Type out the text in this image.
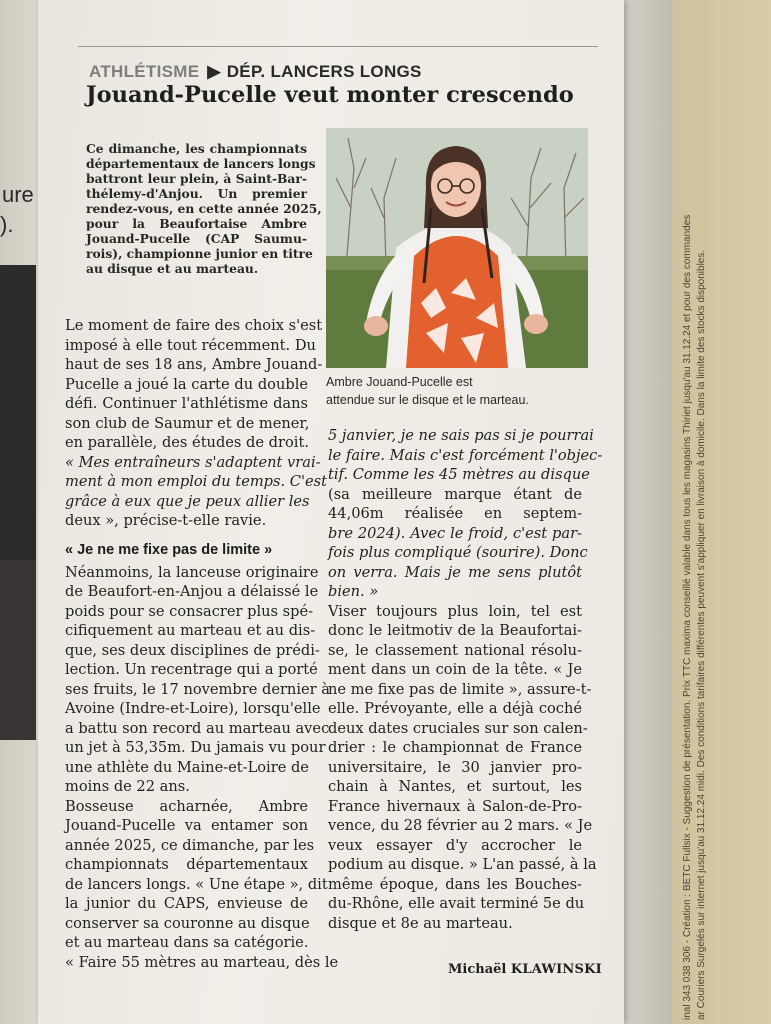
ure
).	inal 343 038 306 - Création : BETC Fullsix - Suggestion de présentation. Prix TTC maxima conseillé valable dans tous les magasins Thiriet jusqu'au 31.12.24 et pour des commandes ar Couriers Surgelés sur internet jusqu'au 31.12.24 midi. Des conditions tarifaires différentes peuvent s'appliquer en livraison à domicile. Dans la limite des stocks disponibles.
ATHLÉTISME ▶ DÉP. LANCERS LONGS
Jouand-Pucelle veut monter crescendo
Ce dimanche, les championnats
départementaux de lancers longs
battront leur plein, à Saint-Bar-
thélemy-d'Anjou. Un premier
rendez-vous, en cette année 2025,
pour la Beaufortaise Ambre
Jouand-Pucelle (CAP Saumu-
rois), championne junior en titre
au disque et au marteau.
Ambre Jouand-Pucelle est
attendue sur le disque et le marteau.
Le moment de faire des choix s'est
imposé à elle tout récemment. Du
haut de ses 18 ans, Ambre Jouand-
Pucelle a joué la carte du double
défi. Continuer l'athlétisme dans
son club de Saumur et de mener,
en parallèle, des études de droit.
« Mes entraîneurs s'adaptent vrai-
ment à mon emploi du temps. C'est
grâce à eux que je peux allier les
deux », précise-t-elle ravie.
« Je ne me fixe pas de limite »
Néanmoins, la lanceuse originaire
de Beaufort-en-Anjou a délaissé le
poids pour se consacrer plus spé-
cifiquement au marteau et au dis-
que, ses deux disciplines de prédi-
lection. Un recentrage qui a porté
ses fruits, le 17 novembre dernier à
Avoine (Indre-et-Loire), lorsqu'elle
a battu son record au marteau avec
un jet à 53,35m. Du jamais vu pour
une athlète du Maine-et-Loire de
moins de 22 ans.
Bosseuse acharnée, Ambre
Jouand-Pucelle va entamer son
année 2025, ce dimanche, par les
championnats départementaux
de lancers longs. « Une étape », dit
la junior du CAPS, envieuse de
conserver sa couronne au disque
et au marteau dans sa catégorie.
« Faire 55 mètres au marteau, dès le
5 janvier, je ne sais pas si je pourrai
le faire. Mais c'est forcément l'objec-
tif. Comme les 45 mètres au disque
(sa meilleure marque étant de
44,06m réalisée en septem-
bre 2024). Avec le froid, c'est par-
fois plus compliqué (sourire). Donc
on verra. Mais je me sens plutôt
bien. »
Viser toujours plus loin, tel est
donc le leitmotiv de la Beaufortai-
se, le classement national résolu-
ment dans un coin de la tête. « Je
ne me fixe pas de limite », assure-t-
elle. Prévoyante, elle a déjà coché
deux dates cruciales sur son calen-
drier : le championnat de France
universitaire, le 30 janvier pro-
chain à Nantes, et surtout, les
France hivernaux à Salon-de-Pro-
vence, du 28 février au 2 mars. « Je
veux essayer d'y accrocher le
podium au disque. » L'an passé, à la
même époque, dans les Bouches-
du-Rhône, elle avait terminé 5e du
disque et 8e au marteau.
Michaël KLAWINSKI
